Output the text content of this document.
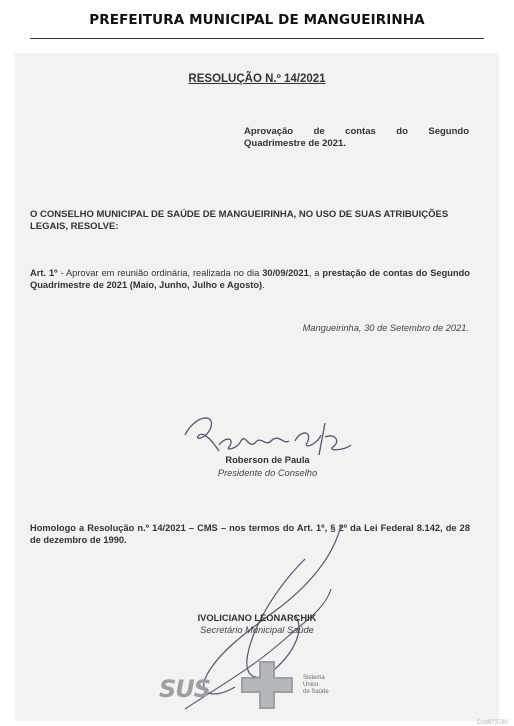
PREFEITURA MUNICIPAL DE MANGUEIRINHA
RESOLUÇÃO N.º 14/2021
Aprovação de contas do Segundo
Quadrimestre de 2021.
O CONSELHO MUNICIPAL DE SAÚDE DE MANGUEIRINHA, NO USO DE SUAS ATRIBUIÇÕES LEGAIS, RESOLVE:
Art. 1º - Aprovar em reunião ordinária, realizada no dia 30/09/2021, a prestação de contas do Segundo Quadrimestre de 2021 (Maio, Junho, Julho e Agosto).
Mangueirinha, 30 de Setembro de 2021.
Roberson de Paula
Presidente do Conselho
Homologo a Resolução n.º 14/2021 – CMS – nos termos do Art. 1º, § 2º da Lei Federal 8.142, de 28 de dezembro de 1990.
IVOLICIANO LEONARCHIK
Secretário Municipal Saúde
SUS	Sistema
Único
de Saúde
Cod673780
